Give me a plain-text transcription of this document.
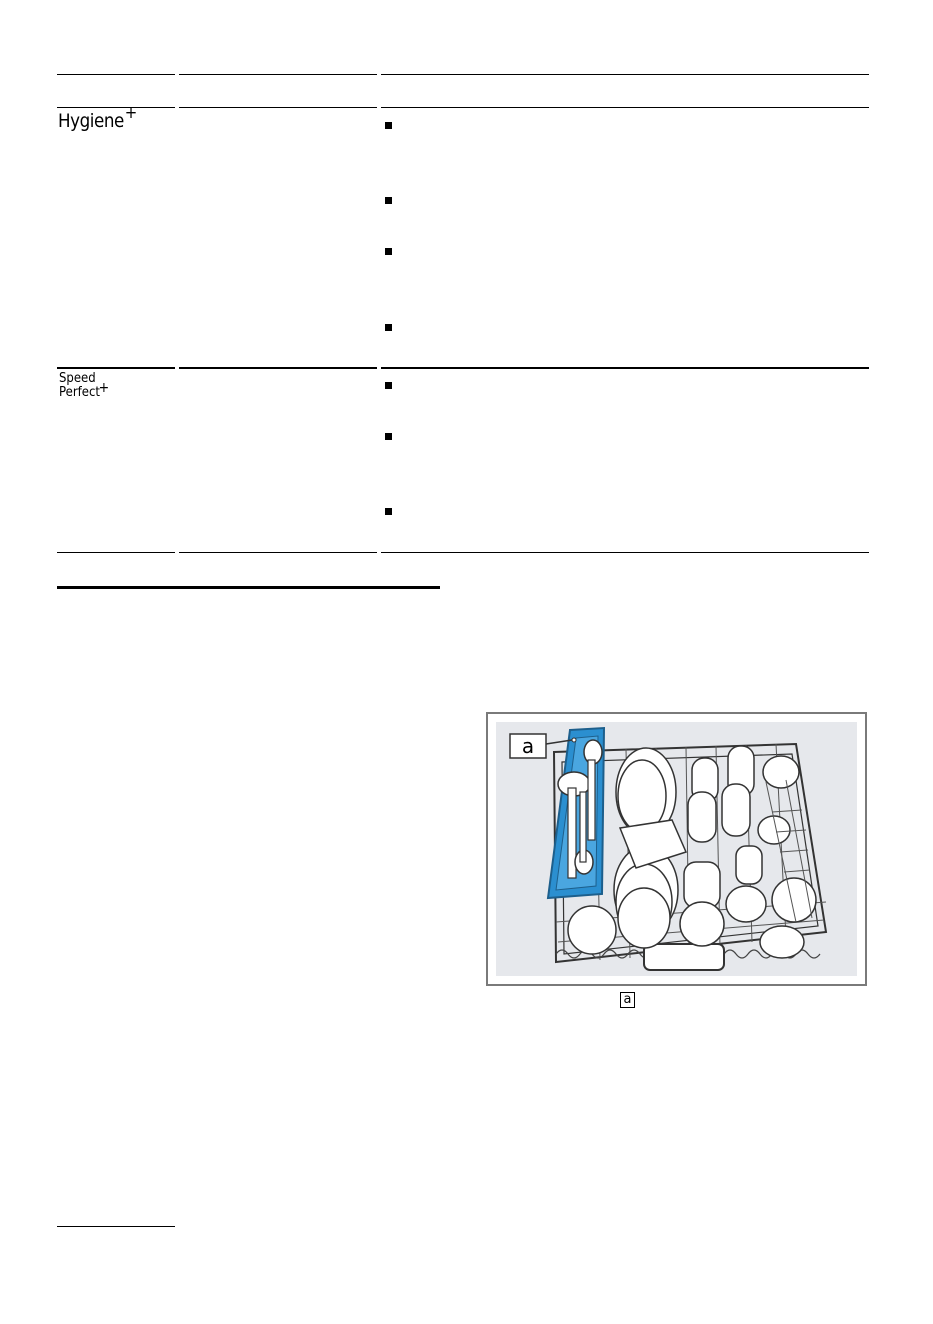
Hygiene+
Speed
Perfect
+
a
a
